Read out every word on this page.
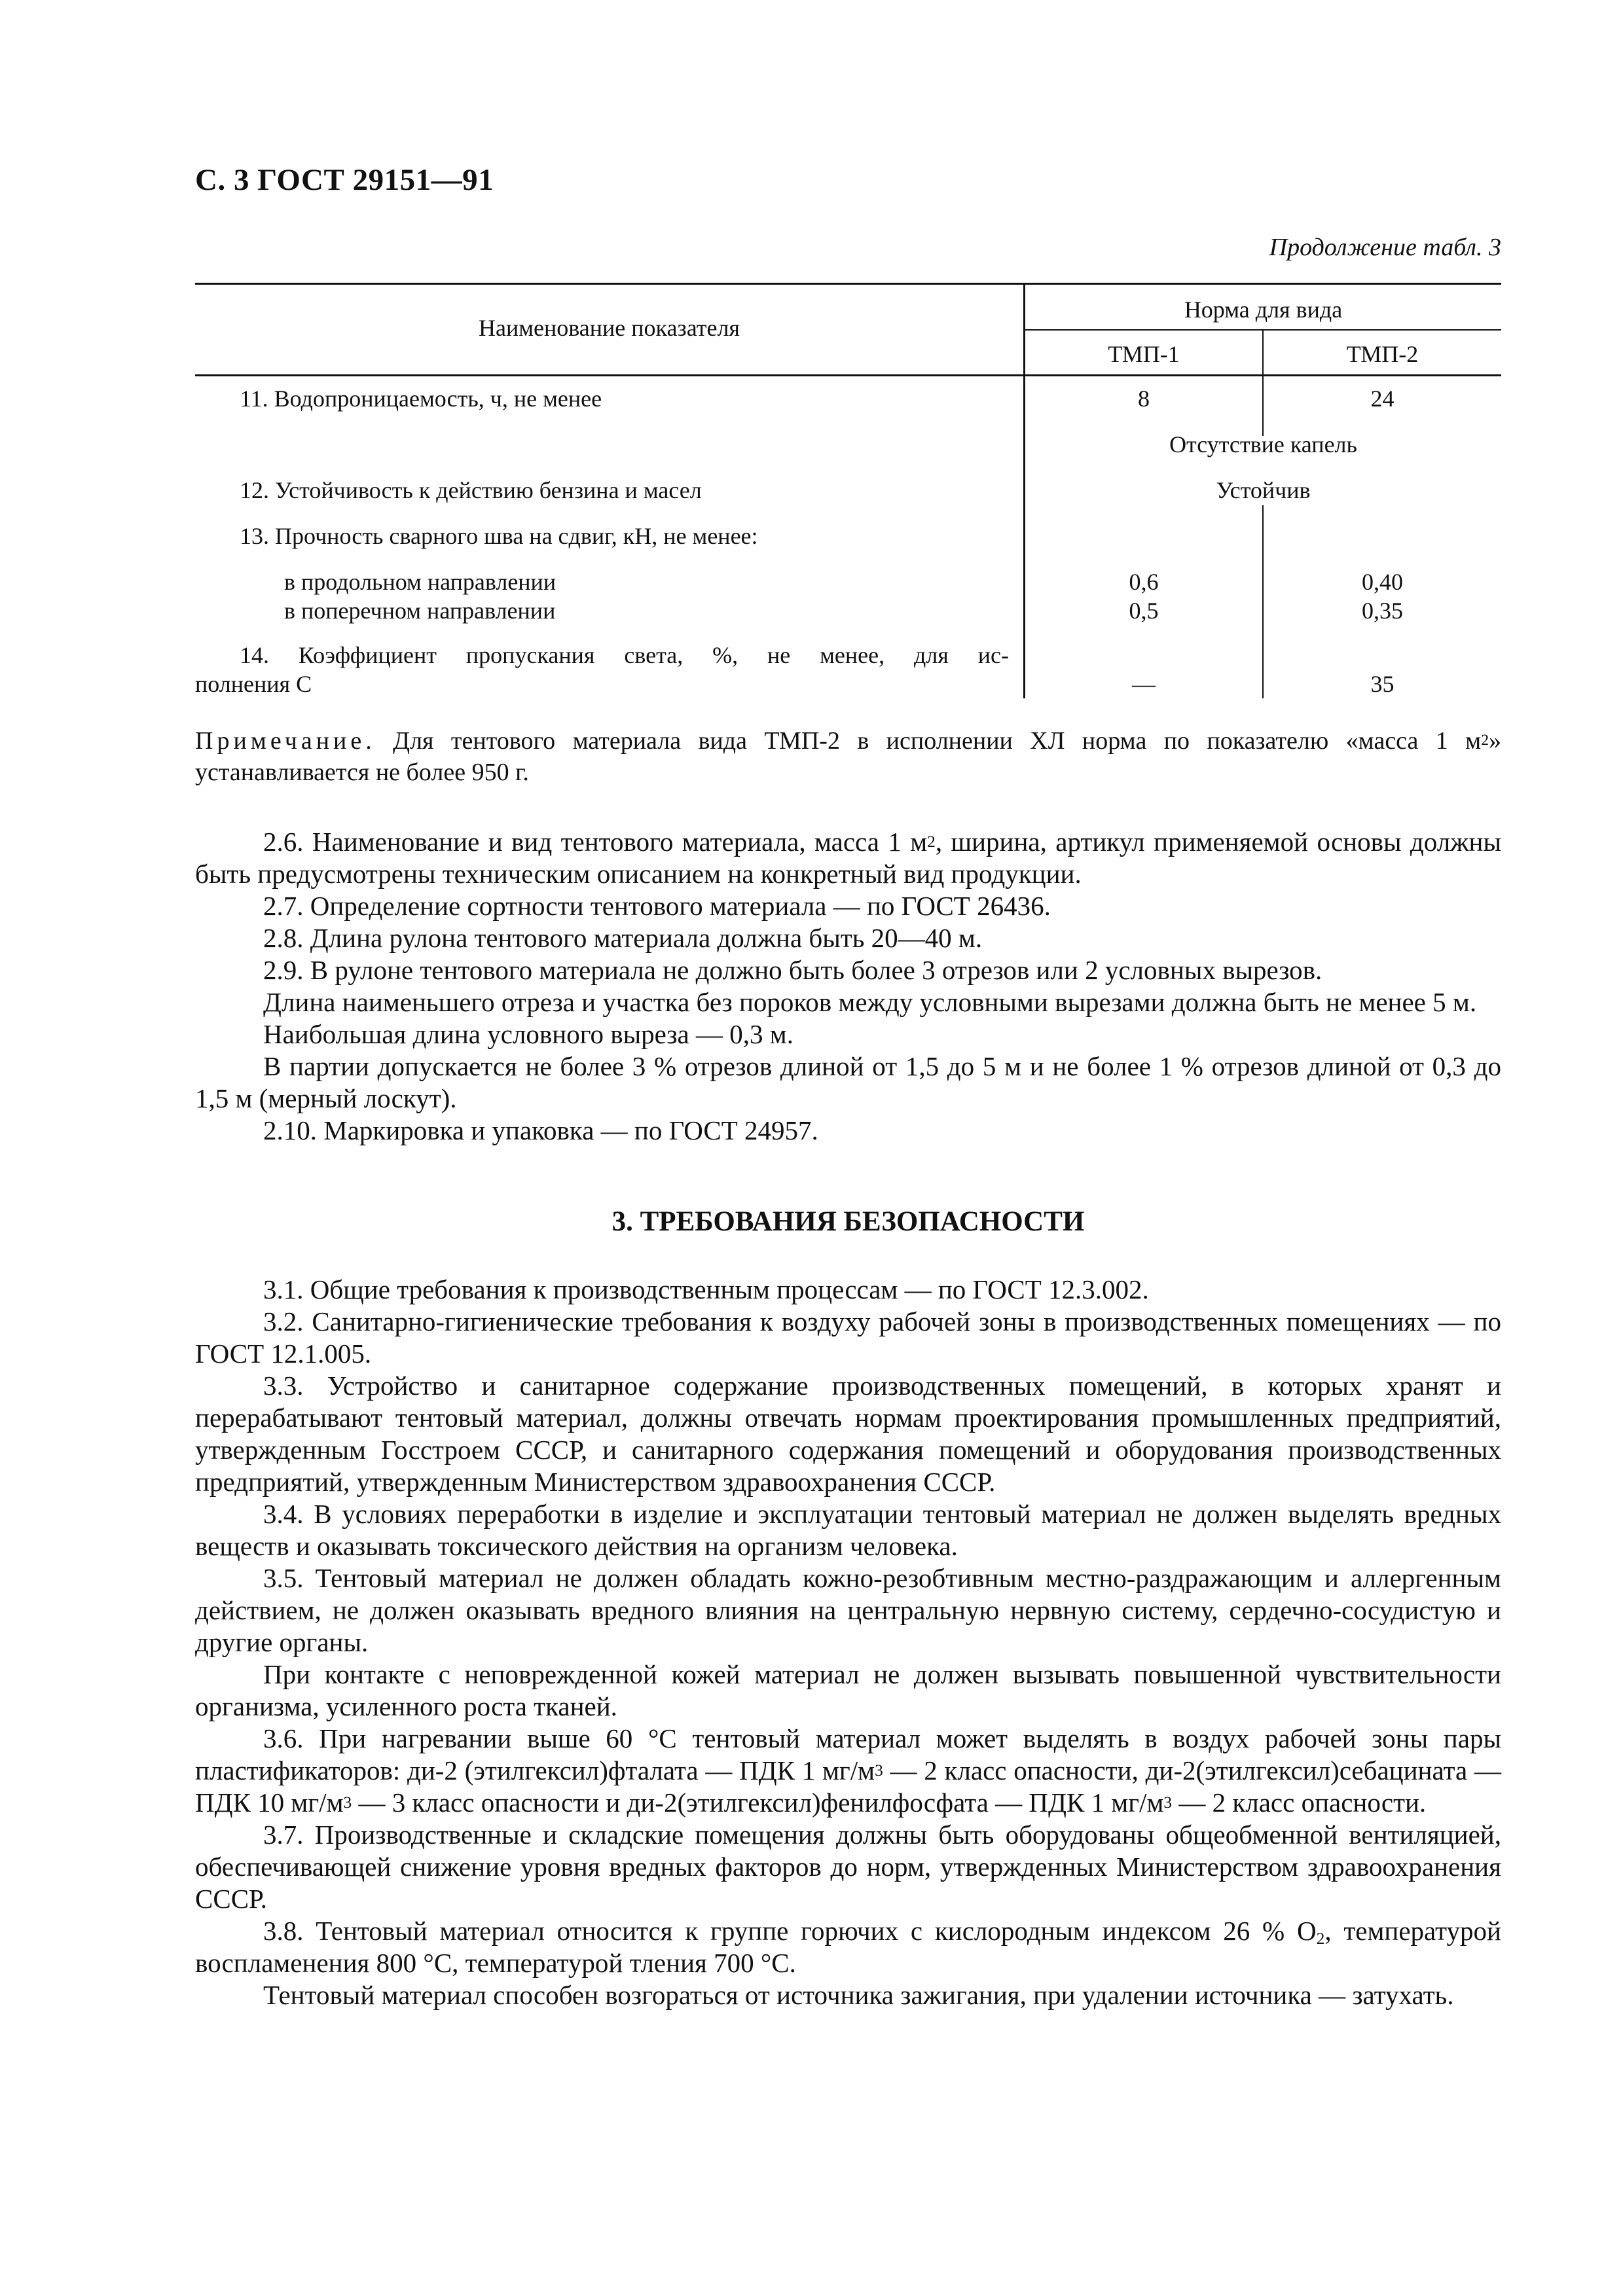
С. 3 ГОСТ 29151—91
Продолжение табл. 3
Наименование показателя
Норма для вида
ТМП-1	ТМП-2
11. Водопроницаемость, ч, не менее	8	24
Отсутствие капель
12. Устойчивость к действию бензина и масел	Устойчив
13. Прочность сварного шва на сдвиг, кН, не менее:
в продольном направлении	0,6	0,40
в поперечном направлении	0,5	0,35
14. Коэффициент пропускания света, %, не менее, для ис-
полнения С	—	35
Примечание. Для тентового материала вида ТМП-2 в исполнении ХЛ норма по показателю «масса 1 $м^2$» устанавливается не более 950 г.

2.6. Наименование и вид тентового материала, масса 1 $м^2$, ширина, артикул применяемой основы должны быть предусмотрены техническим описанием на конкретный вид продукции.

2.7. Определение сортности тентового материала — по ГОСТ 26436.

2.8. Длина рулона тентового материала должна быть 20—40 м.

2.9. В рулоне тентового материала не должно быть более 3 отрезов или 2 условных вырезов.

Длина наименьшего отреза и участка без пороков между условными вырезами должна быть не менее 5 м.

Наибольшая длина условного выреза — 0,3 м.

В партии допускается не более 3 % отрезов длиной от 1,5 до 5 м и не более 1 % отрезов длиной от 0,3 до 1,5 м (мерный лоскут).

2.10. Маркировка и упаковка — по ГОСТ 24957.

3. ТРЕБОВАНИЯ БЕЗОПАСНОСТИ

3.1. Общие требования к производственным процессам — по ГОСТ 12.3.002.

3.2. Санитарно-гигиенические требования к воздуху рабочей зоны в производственных помещениях — по ГОСТ 12.1.005.

3.3. Устройство и санитарное содержание производственных помещений, в которых хранят и перерабатывают тентовый материал, должны отвечать нормам проектирования промышленных предприятий, утвержденным Госстроем СССР, и санитарного содержания помещений и оборудования производственных предприятий, утвержденным Министерством здравоохранения СССР.

3.4. В условиях переработки в изделие и эксплуатации тентовый материал не должен выделять вредных веществ и оказывать токсического действия на организм человека.

3.5. Тентовый материал не должен обладать кожно-резобтивным местно-раздражающим и аллергенным действием, не должен оказывать вредного влияния на центральную нервную систему, сердечно-сосудистую и другие органы.

При контакте с неповрежденной кожей материал не должен вызывать повышенной чувствительности организма, усиленного роста тканей.

3.6. При нагревании выше 60 °С тентовый материал может выделять в воздух рабочей зоны пары пластификаторов: ди-2 (этилгексил)фталата — ПДК 1 $мг/м^3$ — 2 класс опасности, ди-2(этилгексил)себацината — ПДК 10 $мг/м^3$ — 3 класс опасности и ди-2(этилгексил)фенилфосфата — ПДК 1 $мг/м^3$ — 2 класс опасности.

3.7. Производственные и складские помещения должны быть оборудованы общеобменной вентиляцией, обеспечивающей снижение уровня вредных факторов до норм, утвержденных Министерством здравоохранения СССР.

3.8. Тентовый материал относится к группе горючих с кислородным индексом 26 % $O_2$, температурой воспламенения 800 °С, температурой тления 700 °С.

Тентовый материал способен возгораться от источника зажигания, при удалении источника — затухать.
